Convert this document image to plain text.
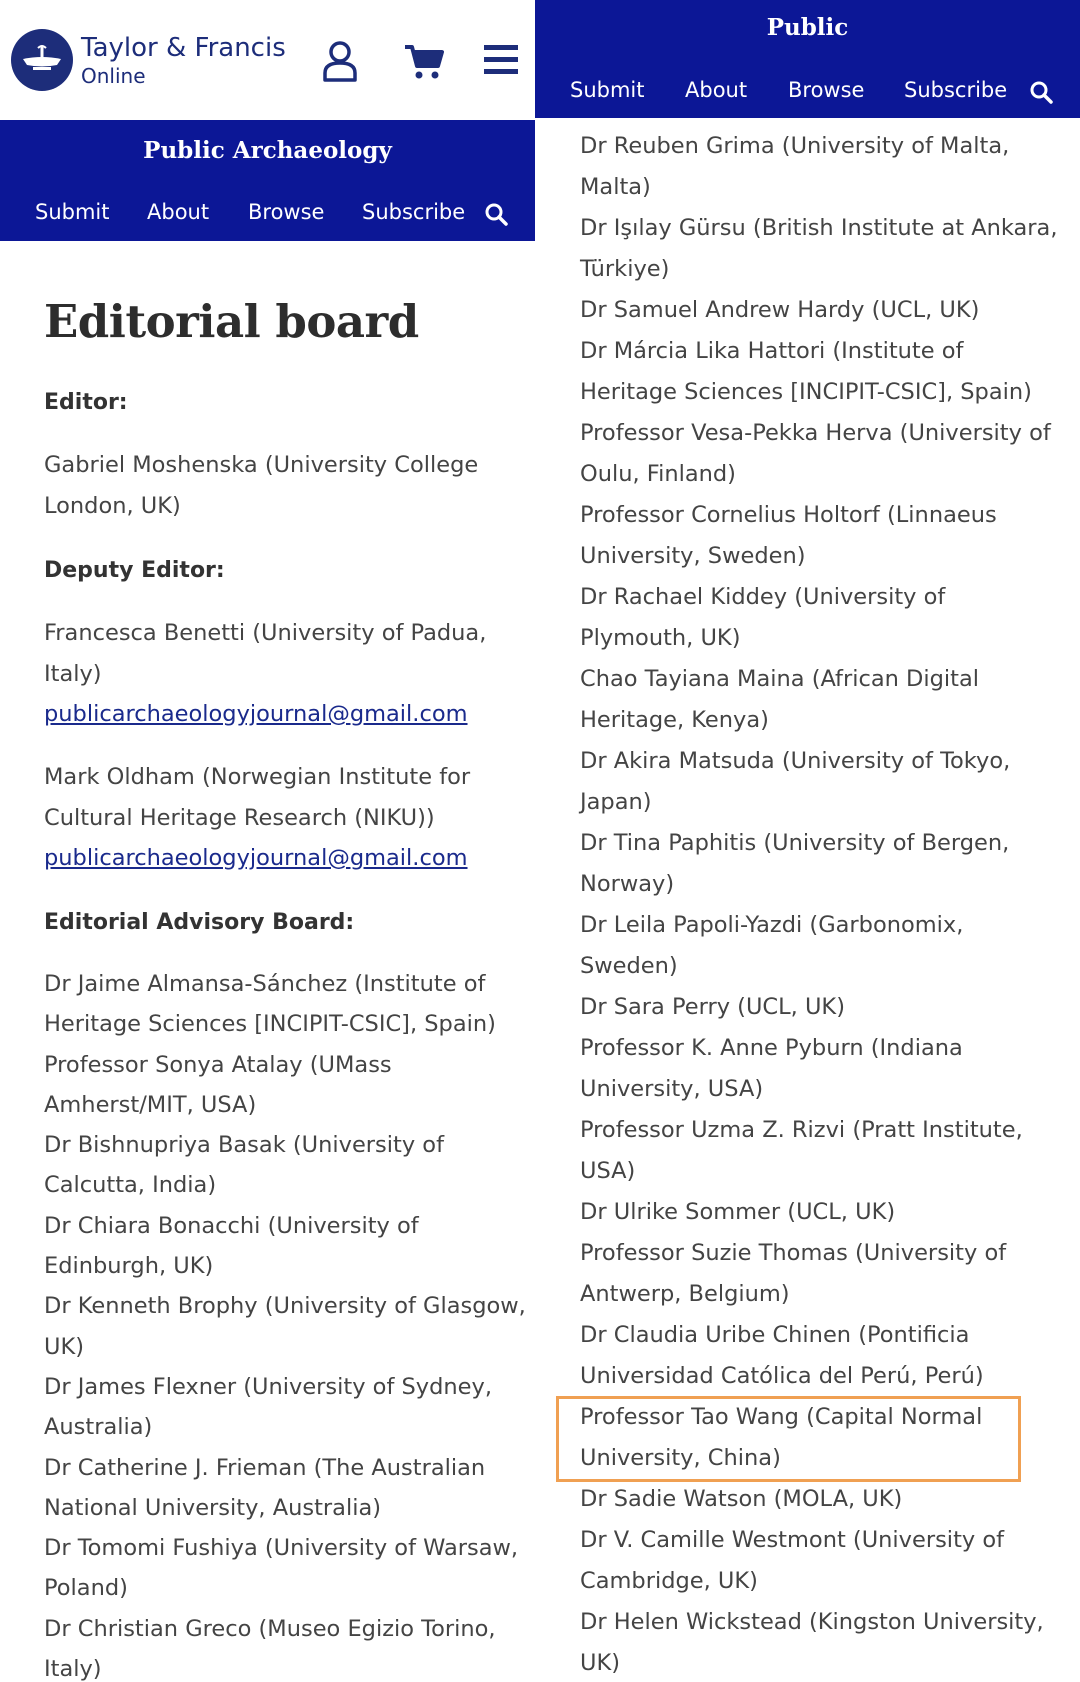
Taylor & Francis
Online
Public Archaeology
Submit About Browse Subscribe
Editorial board
Editor:
Gabriel Moshenska (University College London, UK)
Deputy Editor:
Francesca Benetti (University of Padua, Italy)
publicarchaeologyjournal@gmail.com
Mark Oldham (Norwegian Institute for Cultural Heritage Research (NIKU))
publicarchaeologyjournal@gmail.com
Editorial Advisory Board:
Dr Jaime Almansa-Sánchez (Institute of Heritage Sciences [INCIPIT-CSIC], Spain)
Professor Sonya Atalay (UMass Amherst/MIT, USA)
Dr Bishnupriya Basak (University of Calcutta, India)
Dr Chiara Bonacchi (University of Edinburgh, UK)
Dr Kenneth Brophy (University of Glasgow, UK)
Dr James Flexner (University of Sydney, Australia)
Dr Catherine J. Frieman (The Australian National University, Australia)
Dr Tomomi Fushiya (University of Warsaw, Poland)
Dr Christian Greco (Museo Egizio Torino, Italy)
Public
Submit About Browse Subscribe
Dr Reuben Grima (University of Malta, Malta)
Dr Işılay Gürsu (British Institute at Ankara, Türkiye)
Dr Samuel Andrew Hardy (UCL, UK)
Dr Márcia Lika Hattori (Institute of Heritage Sciences [INCIPIT-CSIC], Spain)
Professor Vesa-Pekka Herva (University of Oulu, Finland)
Professor Cornelius Holtorf (Linnaeus University, Sweden)
Dr Rachael Kiddey (University of Plymouth, UK)
Chao Tayiana Maina (African Digital Heritage, Kenya)
Dr Akira Matsuda (University of Tokyo, Japan)
Dr Tina Paphitis (University of Bergen, Norway)
Dr Leila Papoli-Yazdi (Garbonomix, Sweden)
Dr Sara Perry (UCL, UK)
Professor K. Anne Pyburn (Indiana University, USA)
Professor Uzma Z. Rizvi (Pratt Institute, USA)
Dr Ulrike Sommer (UCL, UK)
Professor Suzie Thomas (University of Antwerp, Belgium)
Dr Claudia Uribe Chinen (Pontificia Universidad Católica del Perú, Perú)
Professor Tao Wang (Capital Normal University, China)
Dr Sadie Watson (MOLA, UK)
Dr V. Camille Westmont (University of Cambridge, UK)
Dr Helen Wickstead (Kingston University, UK)
